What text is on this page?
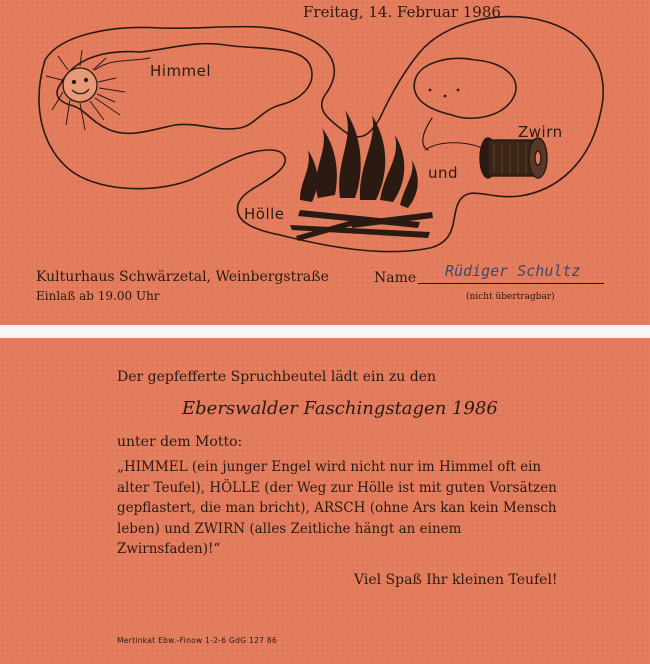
Freitag, 14. Februar 1986
Himmel
Hölle
und
Zwirn
Kulturhaus Schwärzetal, Weinbergstraße
Einlaß ab 19.00 Uhr
Name Rüdiger Schultz
(nicht übertragbar)
Der gepfefferte Spruchbeutel lädt ein zu den
Eberswalder Faschingstagen 1986
unter dem Motto:
„HIMMEL (ein junger Engel wird nicht nur im Himmel oft ein alter Teufel), HÖLLE (der Weg zur Hölle ist mit guten Vorsätzen gepflastert, die man bricht), ARSCH (ohne Ars kan kein Mensch leben) und ZWIRN (alles Zeitliche hängt an einem Zwirnsfaden)!“
Viel Spaß Ihr kleinen Teufel!
Mertinkat Ebw.-Finow 1-2-6 GdG 127 86
